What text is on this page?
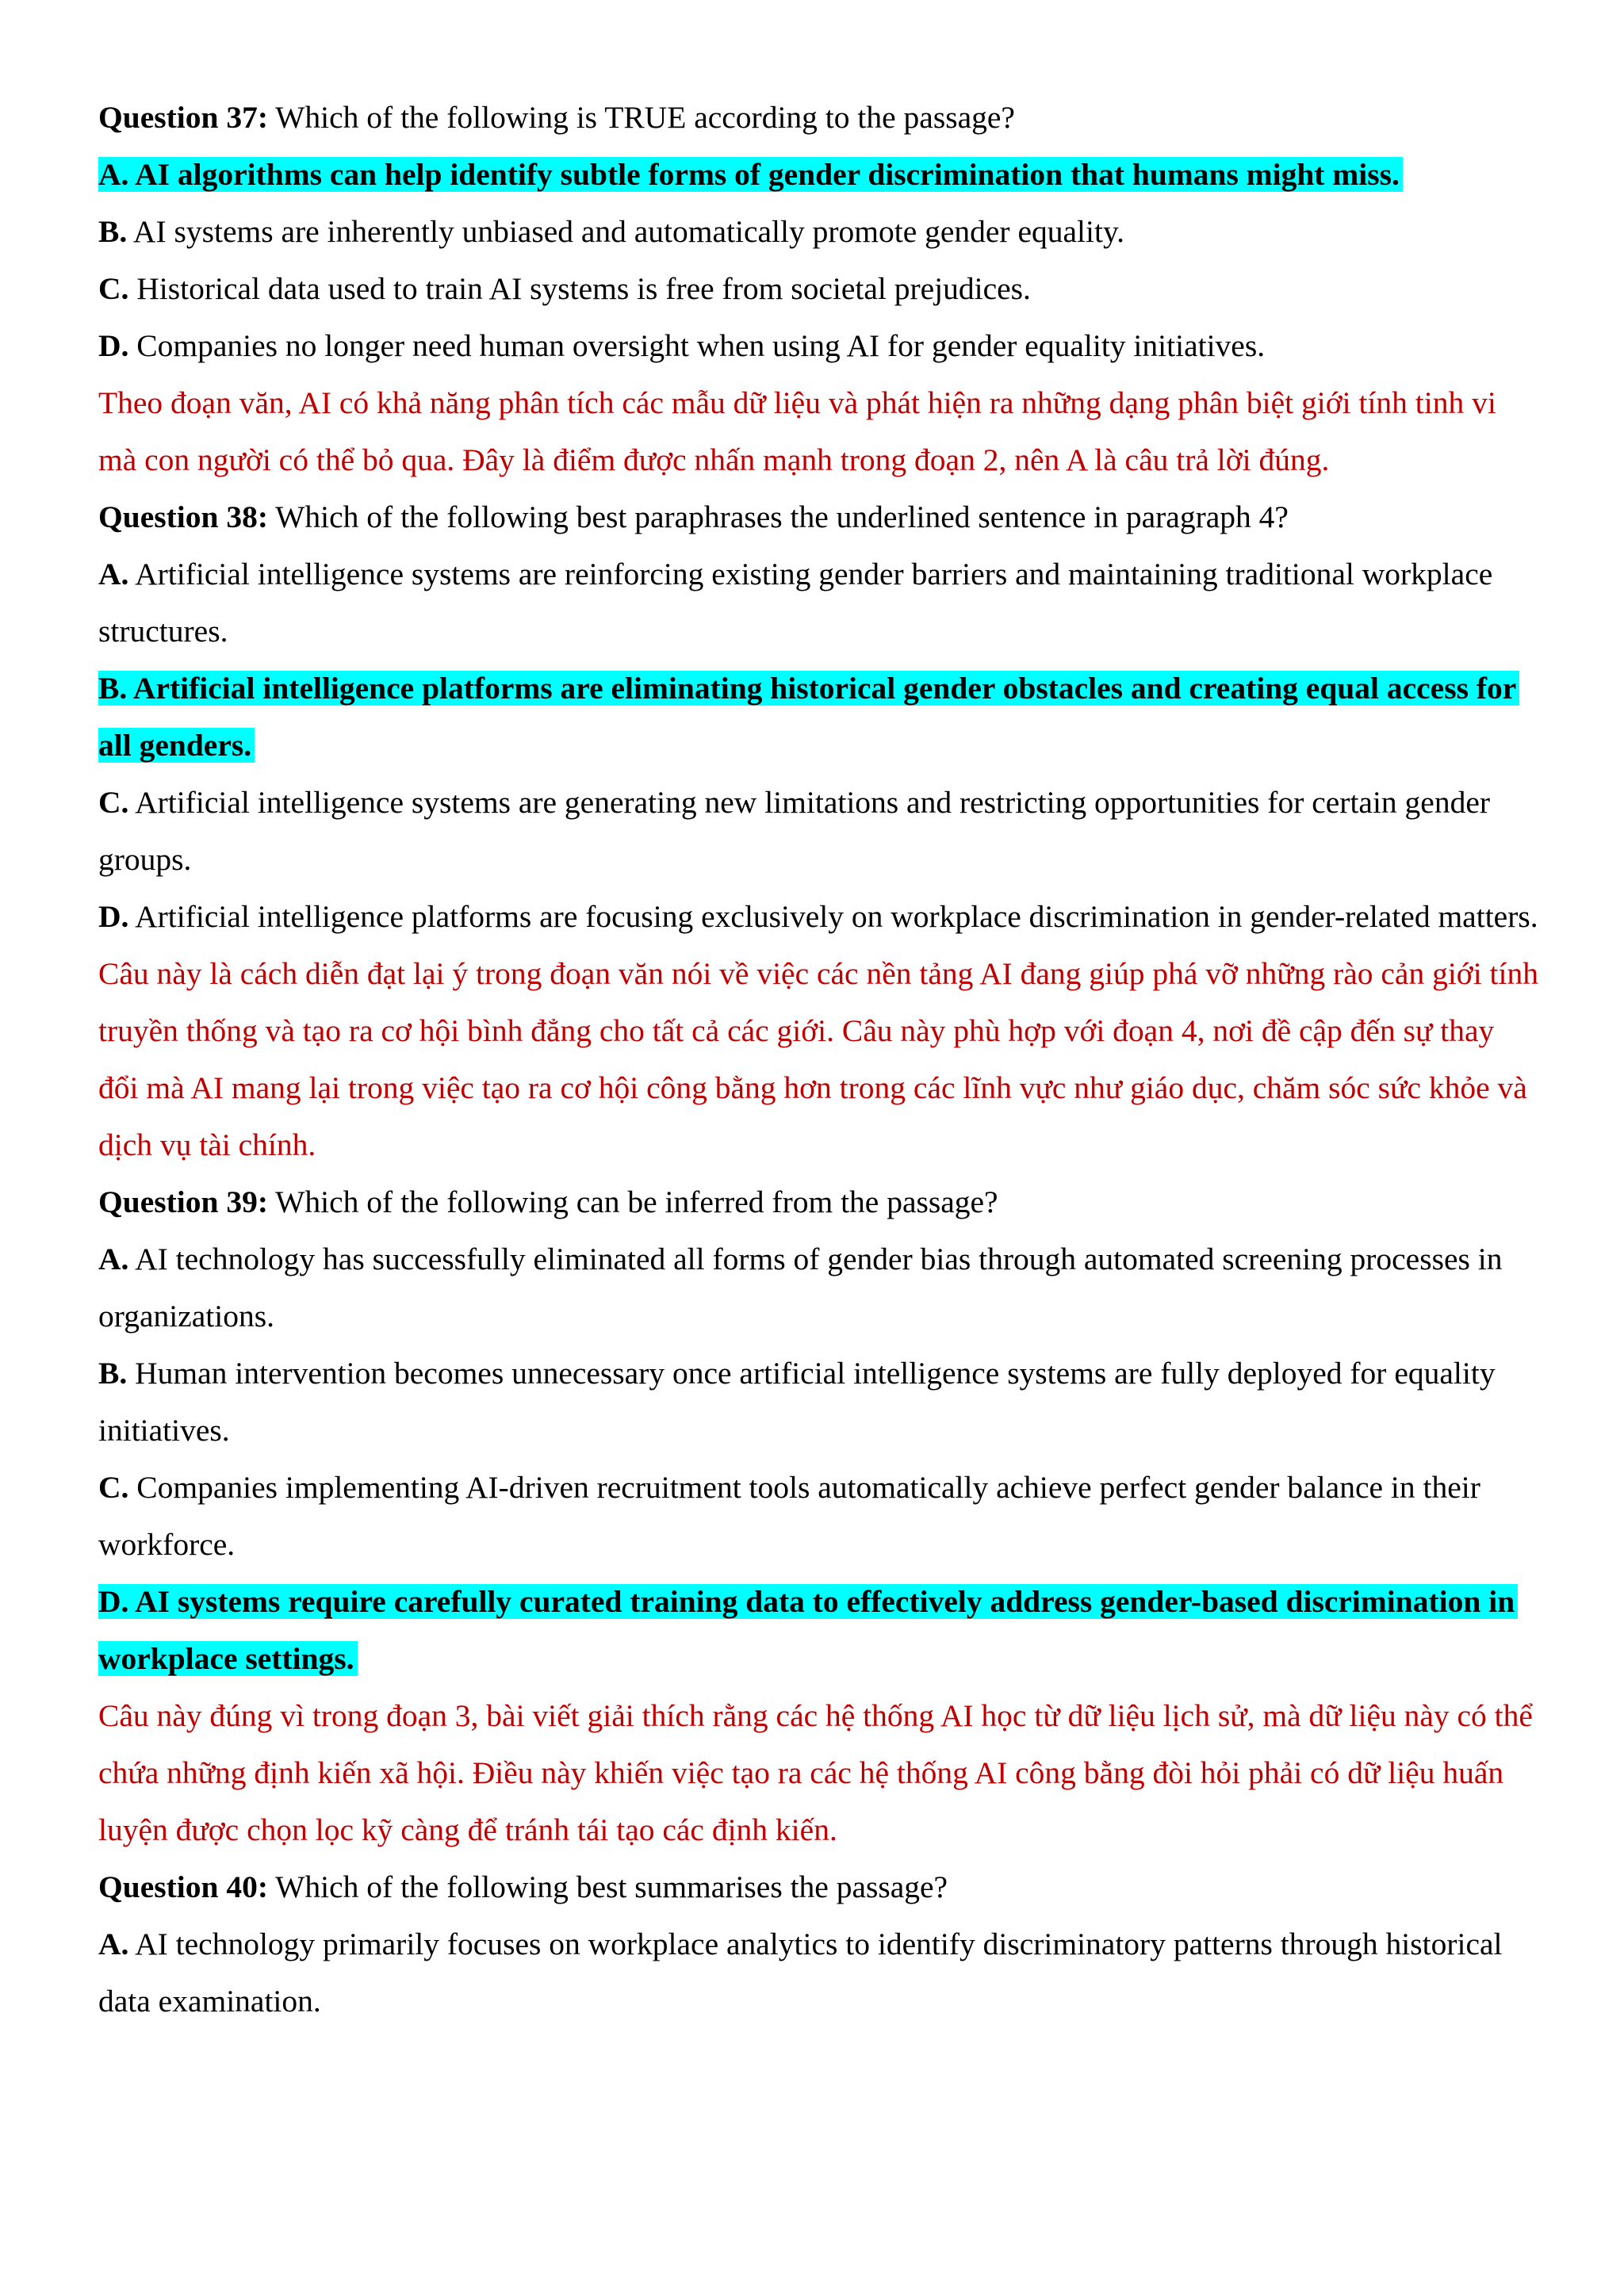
Question 37: Which of the following is TRUE according to the passage?

A. AI algorithms can help identify subtle forms of gender discrimination that humans might miss.

B. AI systems are inherently unbiased and automatically promote gender equality.

C. Historical data used to train AI systems is free from societal prejudices.

D. Companies no longer need human oversight when using AI for gender equality initiatives.

Theo đoạn văn, AI có khả năng phân tích các mẫu dữ liệu và phát hiện ra những dạng phân biệt giới tính tinh vi mà con người có thể bỏ qua. Đây là điểm được nhấn mạnh trong đoạn 2, nên A là câu trả lời đúng.

Question 38: Which of the following best paraphrases the underlined sentence in paragraph 4?

A. Artificial intelligence systems are reinforcing existing gender barriers and maintaining traditional workplace structures.

B. Artificial intelligence platforms are eliminating historical gender obstacles and creating equal access for all genders.

C. Artificial intelligence systems are generating new limitations and restricting opportunities for certain gender groups.

D. Artificial intelligence platforms are focusing exclusively on workplace discrimination in gender-related matters.

Câu này là cách diễn đạt lại ý trong đoạn văn nói về việc các nền tảng AI đang giúp phá vỡ những rào cản giới tính truyền thống và tạo ra cơ hội bình đẳng cho tất cả các giới. Câu này phù hợp với đoạn 4, nơi đề cập đến sự thay đổi mà AI mang lại trong việc tạo ra cơ hội công bằng hơn trong các lĩnh vực như giáo dục, chăm sóc sức khỏe và dịch vụ tài chính.

Question 39: Which of the following can be inferred from the passage?

A. AI technology has successfully eliminated all forms of gender bias through automated screening processes in organizations.

B. Human intervention becomes unnecessary once artificial intelligence systems are fully deployed for equality initiatives.

C. Companies implementing AI-driven recruitment tools automatically achieve perfect gender balance in their workforce.

D. AI systems require carefully curated training data to effectively address gender-based discrimination in workplace settings.

Câu này đúng vì trong đoạn 3, bài viết giải thích rằng các hệ thống AI học từ dữ liệu lịch sử, mà dữ liệu này có thể chứa những định kiến xã hội. Điều này khiến việc tạo ra các hệ thống AI công bằng đòi hỏi phải có dữ liệu huấn luyện được chọn lọc kỹ càng để tránh tái tạo các định kiến.

Question 40: Which of the following best summarises the passage?

A. AI technology primarily focuses on workplace analytics to identify discriminatory patterns through historical data examination.
